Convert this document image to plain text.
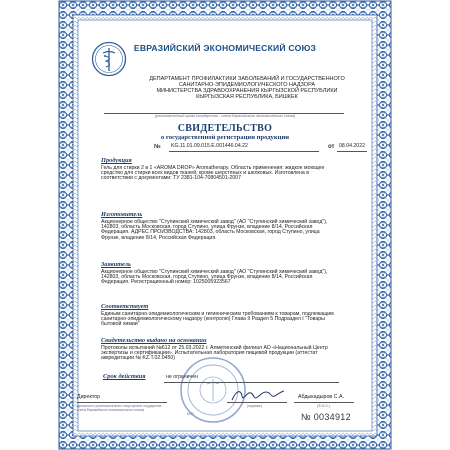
ЕВРАЗИЙСКИЙ ЭКОНОМИЧЕСКИЙ СОЮЗ
ДЕПАРТАМЕНТ ПРОФИЛАКТИКИ ЗАБОЛЕВАНИЙ И ГОСУДАРСТВЕННОГО
САНИТАРНО-ЭПИДЕМИОЛОГИЧЕСКОГО НАДЗОРА
МИНИСТЕРСТВА ЗДРАВООХРАНЕНИЯ КЫРГЫЗСКОЙ РЕСПУБЛИКИ
КЫРГЫЗСКАЯ РЕСПУБЛИКА, БИШКЕК
(уполномоченный орган государства - члена Евразийского экономического союза)
СВИДЕТЕЛЬСТВО
о государственной регистрации продукции
№ KG.11.01.09.015.E.001446.04.22	от 08.04.2022
Продукция
Гель для стирки 2 в 1 «AROMA DROP» Aromatherapy. Область применения: жидкое моющее
средство для стирки всех видов тканей, кроме шерстяных и шелковых. Изготовлена в
соответствии с документами: ТУ 2381-104-70804501-2007
Изготовитель
Акционерное общество "Ступинский химический завод" (АО "Ступинский химический завод"),
142803, область Московская, город Ступино, улица Фрунзе, владение 8/14, Российская
Федерация. АДРЕС ПРОИЗВОДСТВА: 142803, область Московская, город Ступино, улица
Фрунзе, владение 8/14, Российская Федерация.
Заявитель
Акционерное общество "Ступинский химический завод" (АО "Ступинский химический завод"),
142803, область Московская, город Ступино, улица Фрунзе, владение 8/14, Российская
Федерация. Регистрационный номер: 1025005923567
Соответствует
Единым санитарно-эпидемиологическим и гигиеническим требованиям к товарам, подлежащим
санитарно-эпидемиологическому надзору (контролю) Глава II Раздел 5 Подраздел I "Товары
бытовой химии"
Свидетельство выдано на основании
Протоколы испытаний №612 от 25.03.2022 г. Алметинский филиал АО «Национальный Центр
экспертизы и сертификации». Испытательная лаборатория пищевой продукции (аттестат
аккредитации № KZ.T.02.0450)
Срок действия	не ограничен
Директор
(должность уполномоченного лица органа государства - члена Евразийского экономического союза)
М.П.
(подпись)
Абдыкадыров С.А.
(Ф.И.О.)
№ 0034912
